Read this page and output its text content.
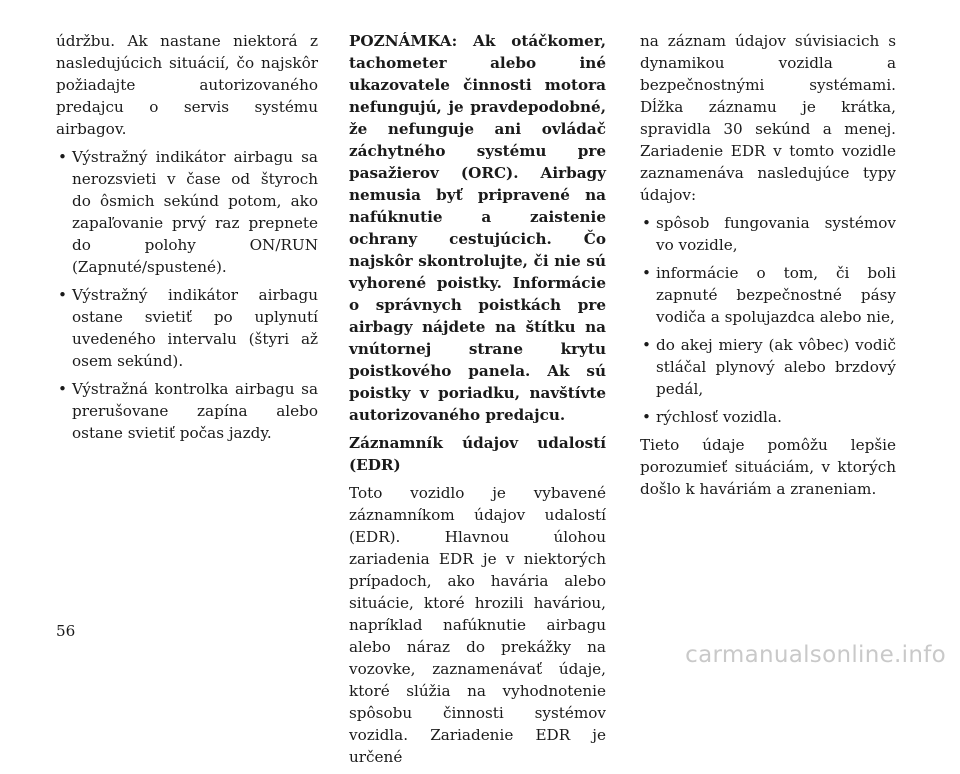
údržbu. Ak nastane niektorá z nasledujúcich situácií, čo najskôr požiadajte autorizovaného predajcu o servis systému airbagov.

• Výstražný indikátor airbagu sa nerozsvieti v čase od štyroch do ôsmich sekúnd potom, ako zapaľovanie prvý raz prepnete do polohy ON/RUN (Zapnuté/spustené).
• Výstražný indikátor airbagu ostane svietiť po uplynutí uvedeného intervalu (štyri až osem sekúnd).
• Výstražná kontrolka airbagu sa prerušovane zapína alebo ostane svietiť počas jazdy.

POZNÁMKA: Ak otáčkomer, tachometer alebo iné ukazovatele činnosti motora nefungujú, je pravdepodobné, že nefunguje ani ovládač záchytného systému pre pasažierov (ORC). Airbagy nemusia byť pripravené na nafúknutie a zaistenie ochrany cestujúcich. Čo najskôr skontrolujte, či nie sú vyhorené poistky. Informácie o správnych poistkách pre airbagy nájdete na štítku na vnútornej strane krytu poistkového panela. Ak sú poistky v poriadku, navštívte autorizovaného predajcu.

Záznamník údajov udalostí (EDR)

Toto vozidlo je vybavené záznamníkom údajov udalostí (EDR). Hlavnou úlohou zariadenia EDR je v niektorých prípadoch, ako havária alebo situácie, ktoré hrozili haváriou, napríklad nafúknutie airbagu alebo náraz do prekážky na vozovke, zaznamenávať údaje, ktoré slúžia na vyhodnotenie spôsobu činnosti systémov vozidla. Zariadenie EDR je určené

na záznam údajov súvisiacich s dynamikou vozidla a bezpečnostnými systémami. Dĺžka záznamu je krátka, spravidla 30 sekúnd a menej. Zariadenie EDR v tomto vozidle zaznamenáva nasledujúce typy údajov:

• spôsob fungovania systémov vo vozidle,
• informácie o tom, či boli zapnuté bezpečnostné pásy vodiča a spolujazdca alebo nie,
• do akej miery (ak vôbec) vodič stláčal plynový alebo brzdový pedál,
• rýchlosť vozidla.

Tieto údaje pomôžu lepšie porozumieť situáciám, v ktorých došlo k haváriám a zraneniam.

56
carmanualsonline.info
